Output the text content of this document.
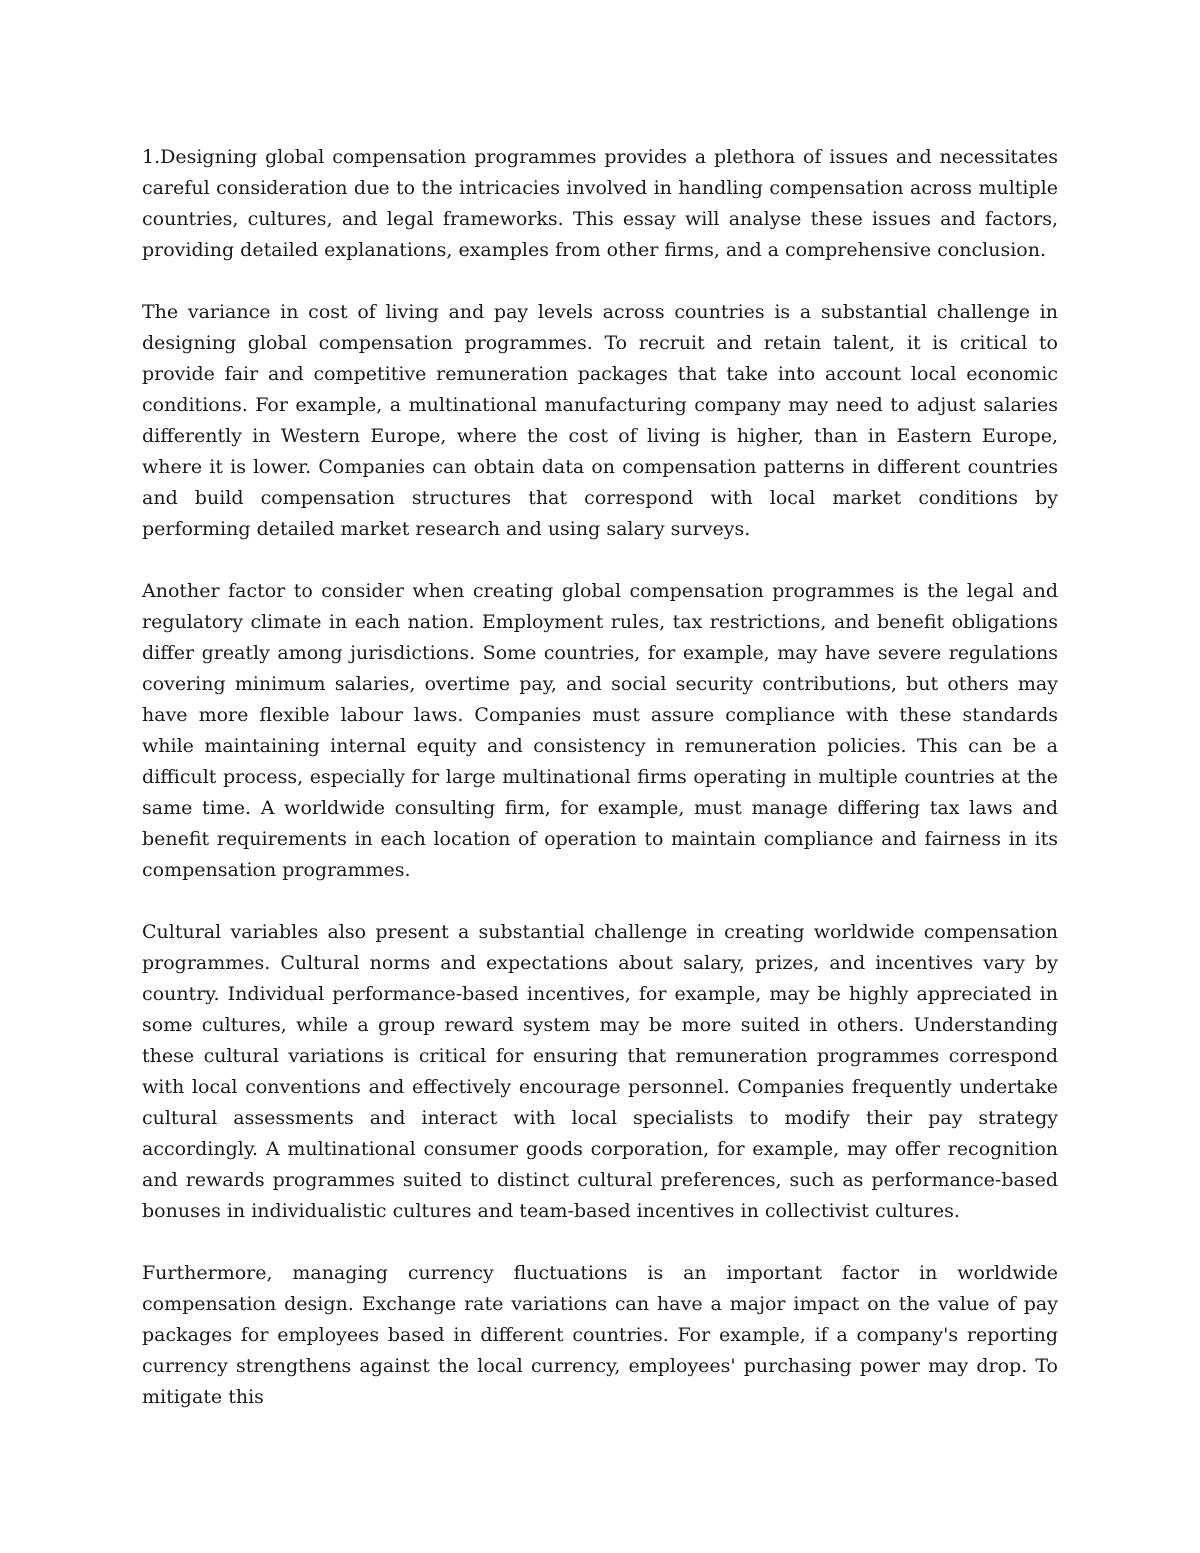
1.Designing global compensation programmes provides a plethora of issues and necessitates careful consideration due to the intricacies involved in handling compensation across multiple countries, cultures, and legal frameworks. This essay will analyse these issues and factors, providing detailed explanations, examples from other firms, and a comprehensive conclusion.

The variance in cost of living and pay levels across countries is a substantial challenge in designing global compensation programmes. To recruit and retain talent, it is critical to provide fair and competitive remuneration packages that take into account local economic conditions. For example, a multinational manufacturing company may need to adjust salaries differently in Western Europe, where the cost of living is higher, than in Eastern Europe, where it is lower. Companies can obtain data on compensation patterns in different countries and build compensation structures that correspond with local market conditions by performing detailed market research and using salary surveys.

Another factor to consider when creating global compensation programmes is the legal and regulatory climate in each nation. Employment rules, tax restrictions, and benefit obligations differ greatly among jurisdictions. Some countries, for example, may have severe regulations covering minimum salaries, overtime pay, and social security contributions, but others may have more flexible labour laws. Companies must assure compliance with these standards while maintaining internal equity and consistency in remuneration policies. This can be a difficult process, especially for large multinational firms operating in multiple countries at the same time. A worldwide consulting firm, for example, must manage differing tax laws and benefit requirements in each location of operation to maintain compliance and fairness in its compensation programmes.

Cultural variables also present a substantial challenge in creating worldwide compensation programmes. Cultural norms and expectations about salary, prizes, and incentives vary by country. Individual performance-based incentives, for example, may be highly appreciated in some cultures, while a group reward system may be more suited in others. Understanding these cultural variations is critical for ensuring that remuneration programmes correspond with local conventions and effectively encourage personnel. Companies frequently undertake cultural assessments and interact with local specialists to modify their pay strategy accordingly. A multinational consumer goods corporation, for example, may offer recognition and rewards programmes suited to distinct cultural preferences, such as performance-based bonuses in individualistic cultures and team-based incentives in collectivist cultures.

Furthermore, managing currency fluctuations is an important factor in worldwide compensation design. Exchange rate variations can have a major impact on the value of pay packages for employees based in different countries. For example, if a company's reporting currency strengthens against the local currency, employees' purchasing power may drop. To mitigate this
